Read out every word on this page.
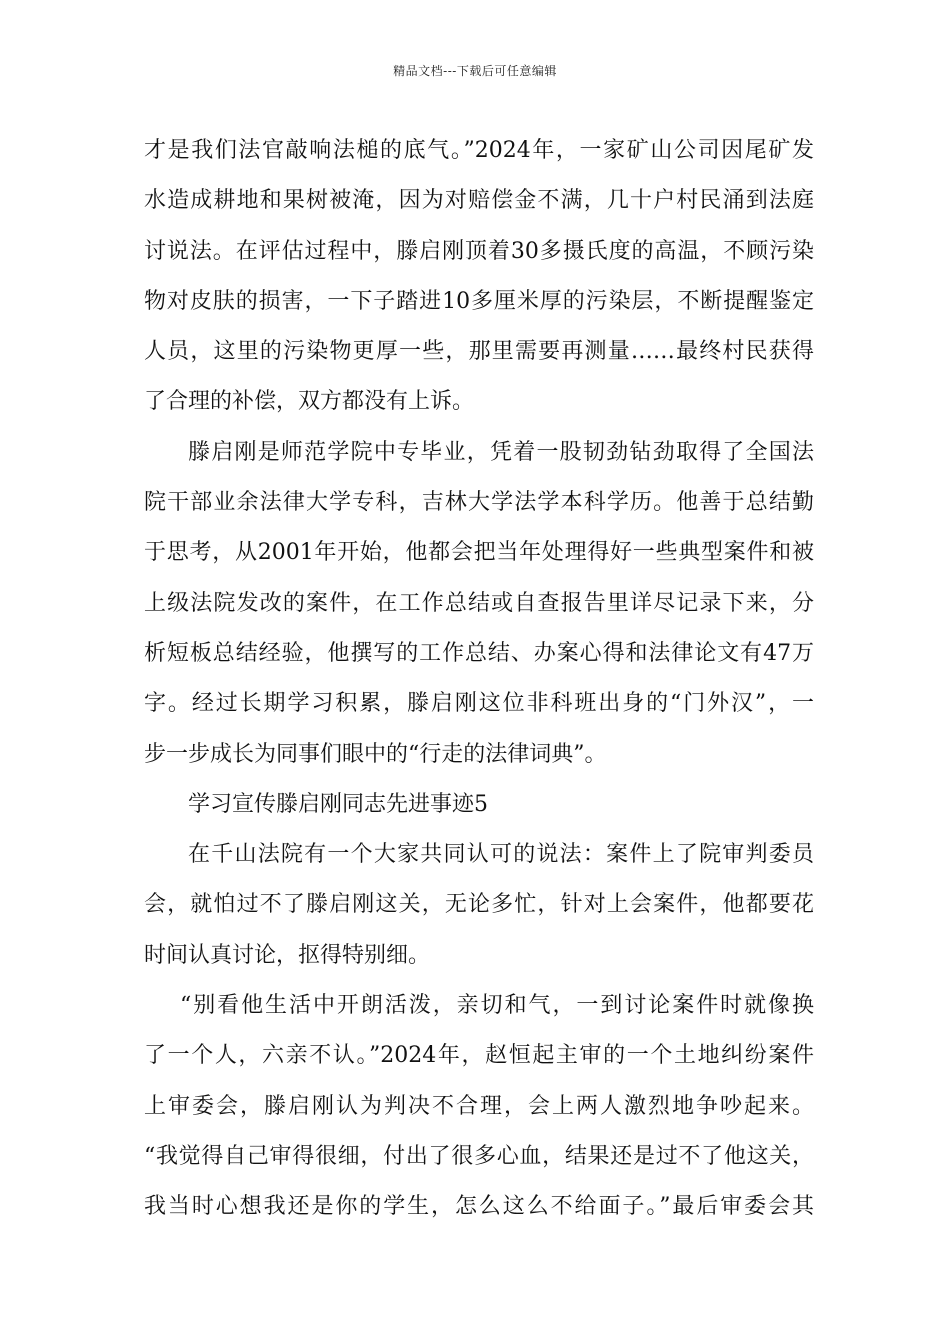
精品文档---下载后可任意编辑
才是我们法官敲响法槌的底气。”2024年，一家矿山公司因尾矿发
水造成耕地和果树被淹，因为对赔偿金不满，几十户村民涌到法庭
讨说法。在评估过程中，滕启刚顶着30多摄氏度的高温，不顾污染
物对皮肤的损害，一下子踏进10多厘米厚的污染层，不断提醒鉴定
人员，这里的污染物更厚一些，那里需要再测量……最终村民获得
了合理的补偿，双方都没有上诉。
滕启刚是师范学院中专毕业，凭着一股韧劲钻劲取得了全国法
院干部业余法律大学专科，吉林大学法学本科学历。他善于总结勤
于思考，从2001年开始，他都会把当年处理得好一些典型案件和被
上级法院发改的案件，在工作总结或自查报告里详尽记录下来，分
析短板总结经验，他撰写的工作总结、办案心得和法律论文有47万
字。经过长期学习积累，滕启刚这位非科班出身的“门外汉”，一
步一步成长为同事们眼中的“行走的法律词典”。
学习宣传滕启刚同志先进事迹5
在千山法院有一个大家共同认可的说法：案件上了院审判委员
会，就怕过不了滕启刚这关，无论多忙，针对上会案件，他都要花
时间认真讨论，抠得特别细。
“别看他生活中开朗活泼，亲切和气，一到讨论案件时就像换
了一个人，六亲不认。”2024年，赵恒起主审的一个土地纠纷案件
上审委会，滕启刚认为判决不合理，会上两人激烈地争吵起来。
“我觉得自己审得很细，付出了很多心血，结果还是过不了他这关，
我当时心想我还是你的学生，怎么这么不给面子。”最后审委会其
